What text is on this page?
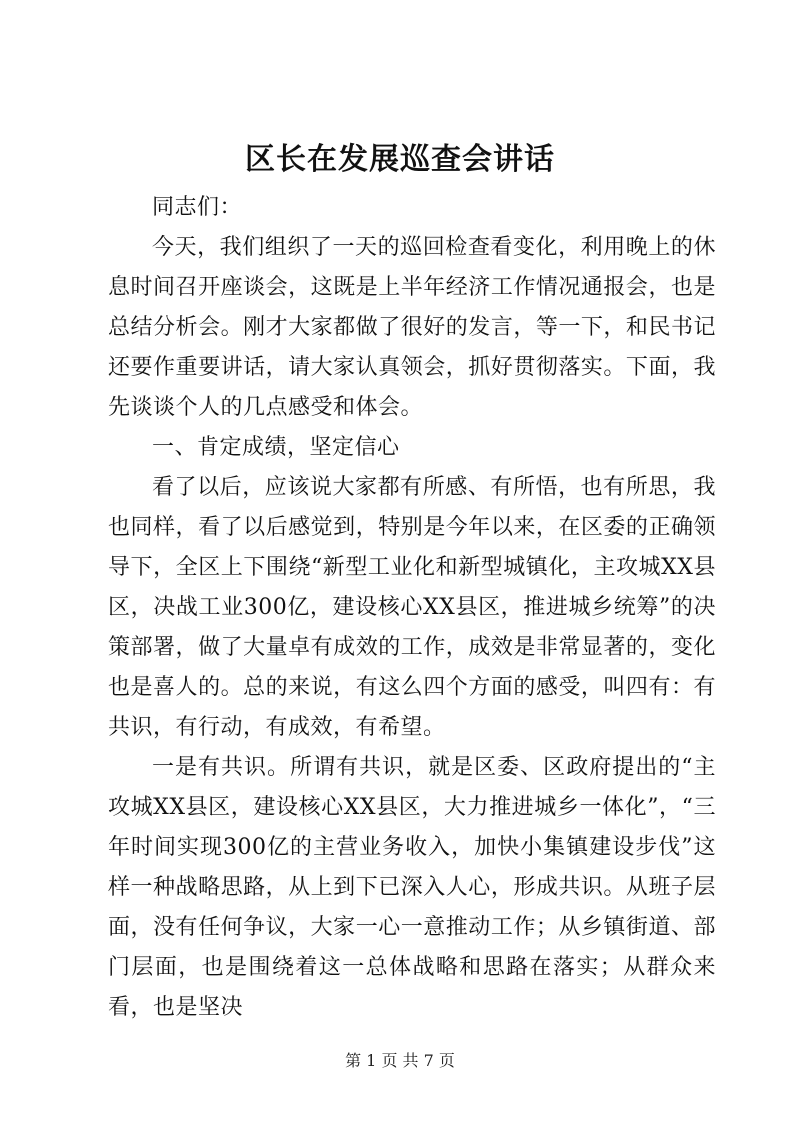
区长在发展巡查会讲话

同志们：

今天，我们组织了一天的巡回检查看变化，利用晚上的休息时间召开座谈会，这既是上半年经济工作情况通报会，也是总结分析会。刚才大家都做了很好的发言，等一下，和民书记还要作重要讲话，请大家认真领会，抓好贯彻落实。下面，我先谈谈个人的几点感受和体会。

一、肯定成绩，坚定信心

看了以后，应该说大家都有所感、有所悟，也有所思，我也同样，看了以后感觉到，特别是今年以来，在区委的正确领导下，全区上下围绕“新型工业化和新型城镇化，主攻城XX县区，决战工业300亿，建设核心XX县区，推进城乡统筹”的决策部署，做了大量卓有成效的工作，成效是非常显著的，变化也是喜人的。总的来说，有这么四个方面的感受，叫四有：有共识，有行动，有成效，有希望。

一是有共识。所谓有共识，就是区委、区政府提出的“主攻城XX县区，建设核心XX县区，大力推进城乡一体化”，“三年时间实现300亿的主营业务收入，加快小集镇建设步伐”这样一种战略思路，从上到下已深入人心，形成共识。从班子层面，没有任何争议，大家一心一意推动工作；从乡镇街道、部门层面，也是围绕着这一总体战略和思路在落实；从群众来看，也是坚决

第 1 页 共 7 页
